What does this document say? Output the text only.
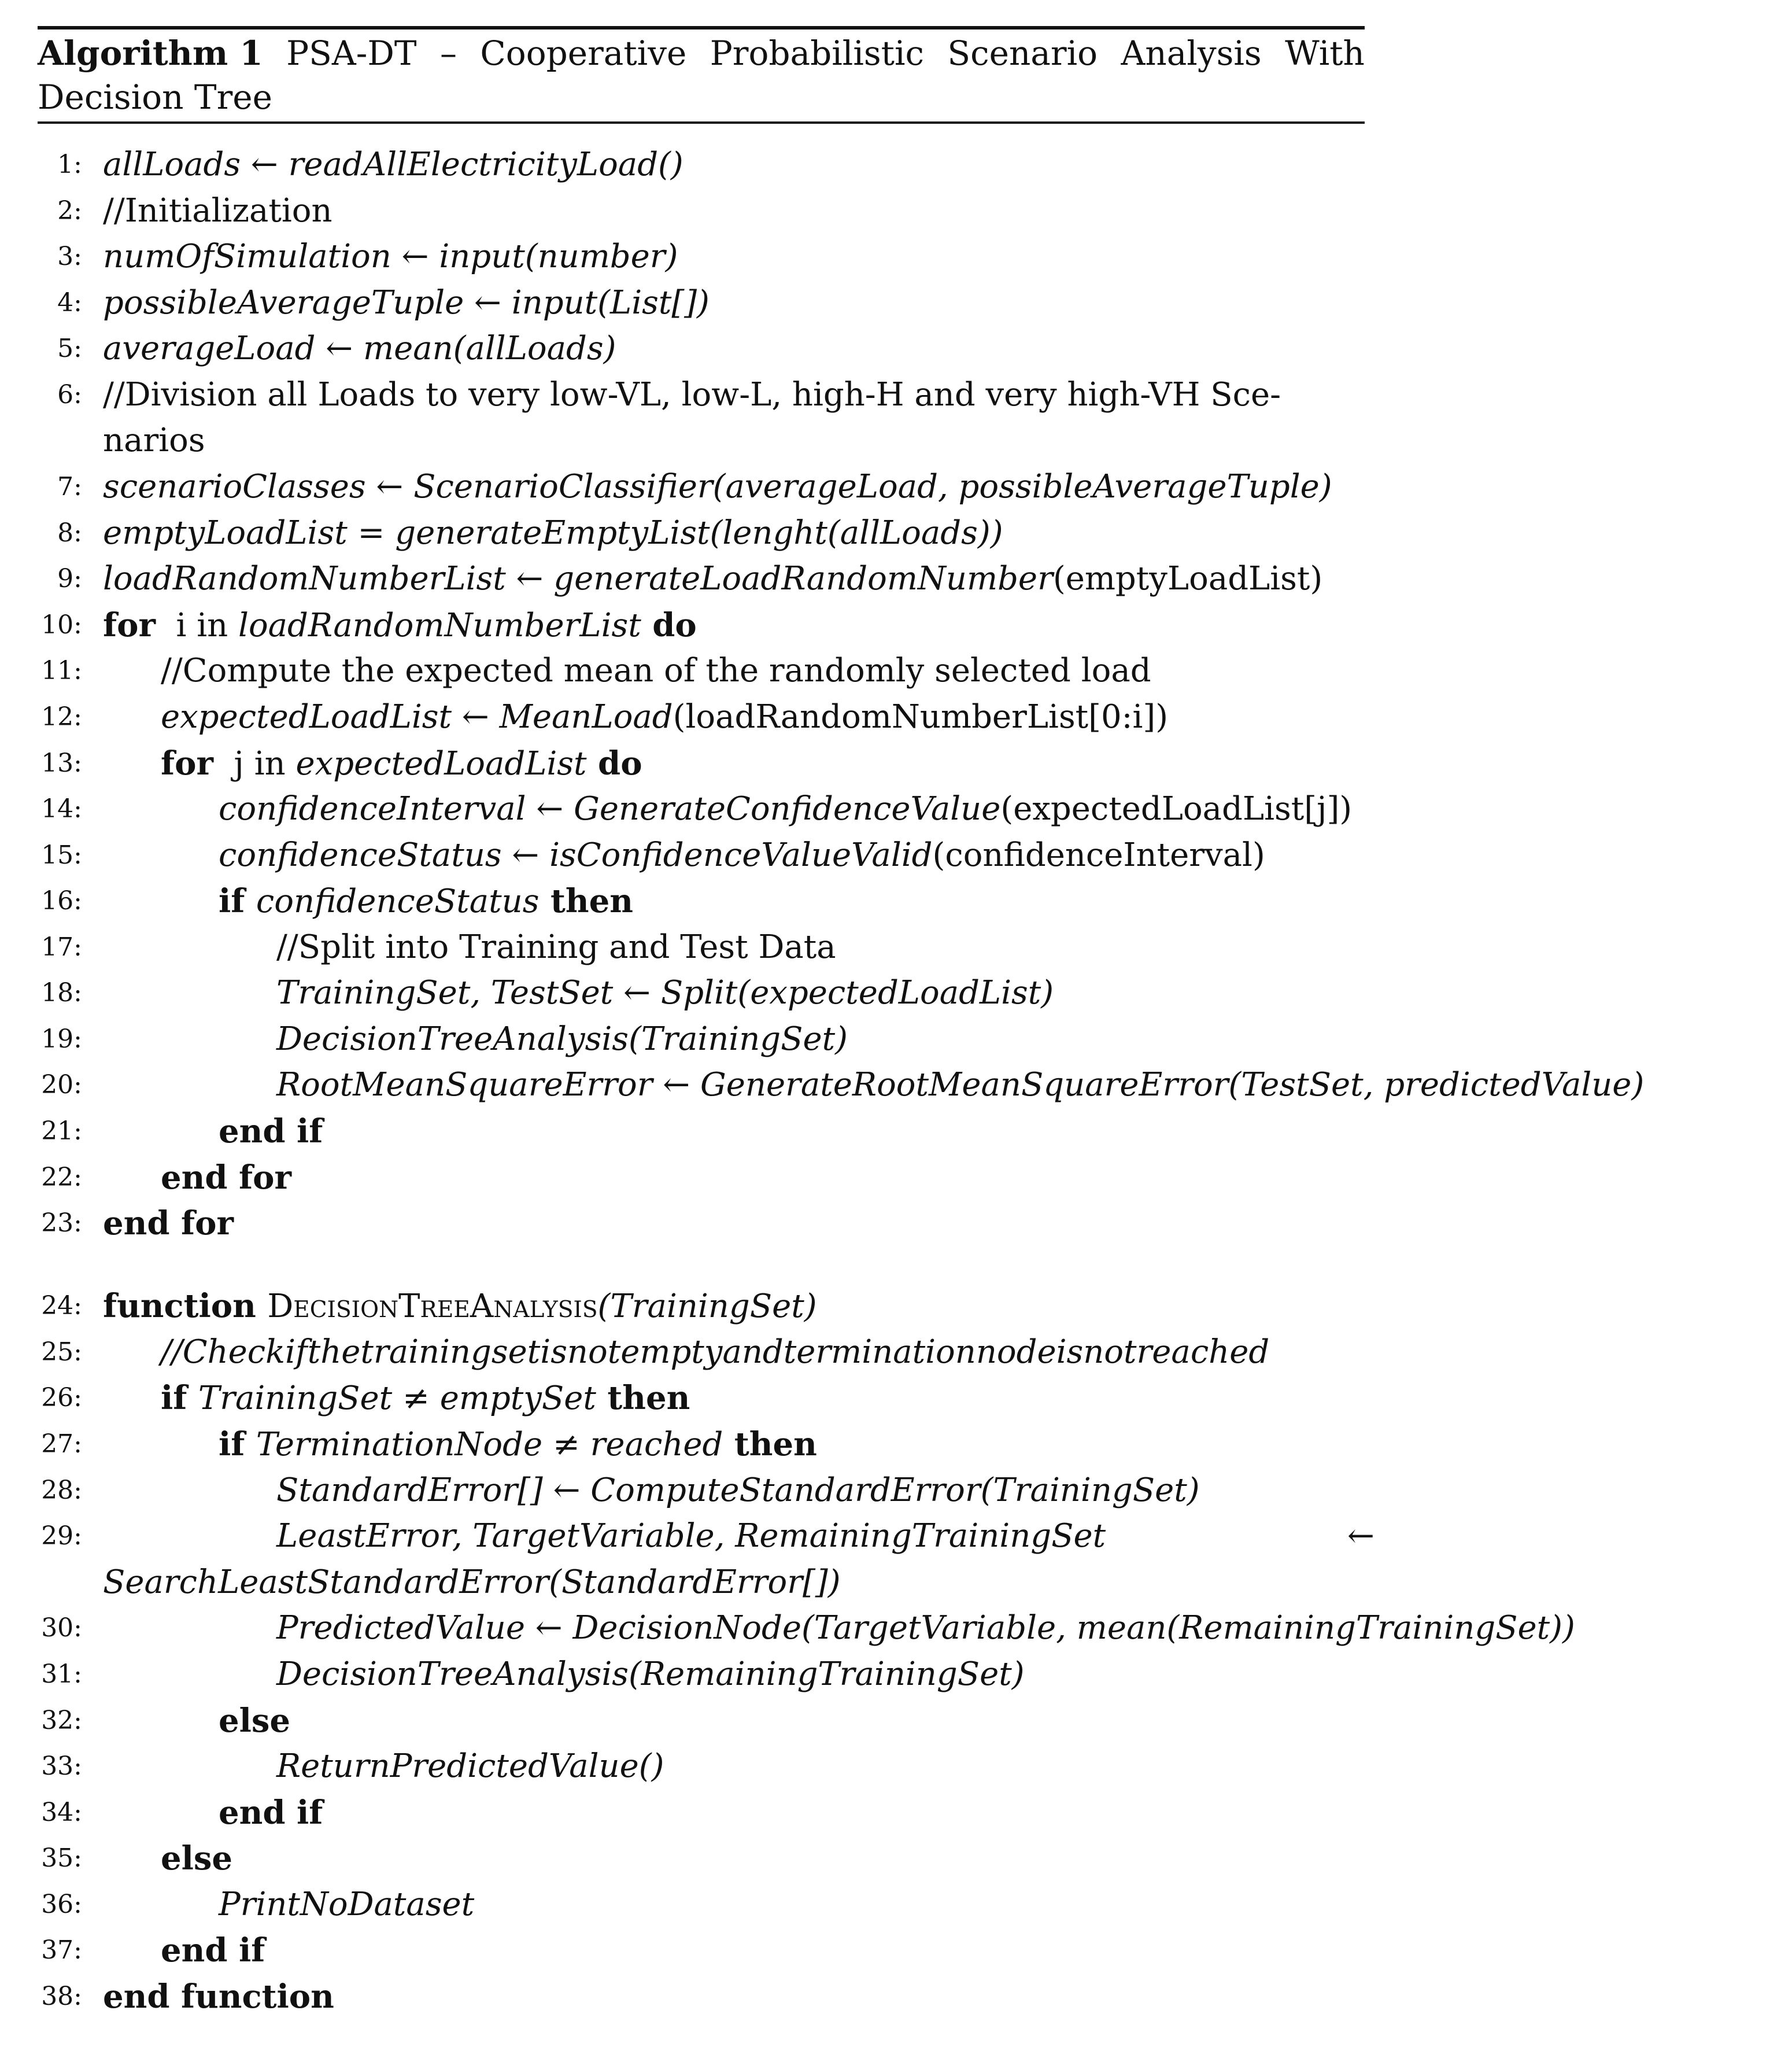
Algorithm 1 PSA-DT – Cooperative Probabilistic Scenario Analysis With
Decision Tree
1: allLoads ← readAllElectricityLoad()
2: //Initialization
3: numOfSimulation ← input(number)
4: possibleAverageTuple ← input(List[])
5: averageLoad ← mean(allLoads)
6: //Division all Loads to very low-VL, low-L, high-H and very high-VH Sce-
narios
7: scenarioClasses ← ScenarioClassifier(averageLoad, possibleAverageTuple)
8: emptyLoadList = generateEmptyList(lenght(allLoads))
9: loadRandomNumberList ← generateLoadRandomNumber(emptyLoadList)
10: for  i in loadRandomNumberList do
11: //Compute the expected mean of the randomly selected load
12: expectedLoadList ← MeanLoad(loadRandomNumberList[0:i])
13: for  j in expectedLoadList do
14:	confidenceInterval ← GenerateConfidenceValue(expectedLoadList[j])
15:	confidenceStatus ← isConfidenceValueValid(confidenceInterval)
16:	if confidenceStatus then
17:	//Split into Training and Test Data
18:	TrainingSet, TestSet ← Split(expectedLoadList)
19:	DecisionTreeAnalysis(TrainingSet)
20:	RootMeanSquareError ← GenerateRootMeanSquareError(TestSet, predictedValue)
21:	end if
22: end for
23: end for
24: function DecisionTreeAnalysis(TrainingSet)
25: //Checkifthetrainingsetisnotemptyandterminationnodeisnotreached
26: if TrainingSet ≠ emptySet then
27:	if TerminationNode ≠ reached then
28:	StandardError[] ← ComputeStandardError(TrainingSet)
29:	LeastError, TargetVariable, RemainingTrainingSet	←
SearchLeastStandardError(StandardError[])
30:	PredictedValue ← DecisionNode(TargetVariable, mean(RemainingTrainingSet))
31:	DecisionTreeAnalysis(RemainingTrainingSet)
32:	else
33:	ReturnPredictedValue()
34:	end if
35: else
36:	PrintNoDataset
37: end if
38: end function
